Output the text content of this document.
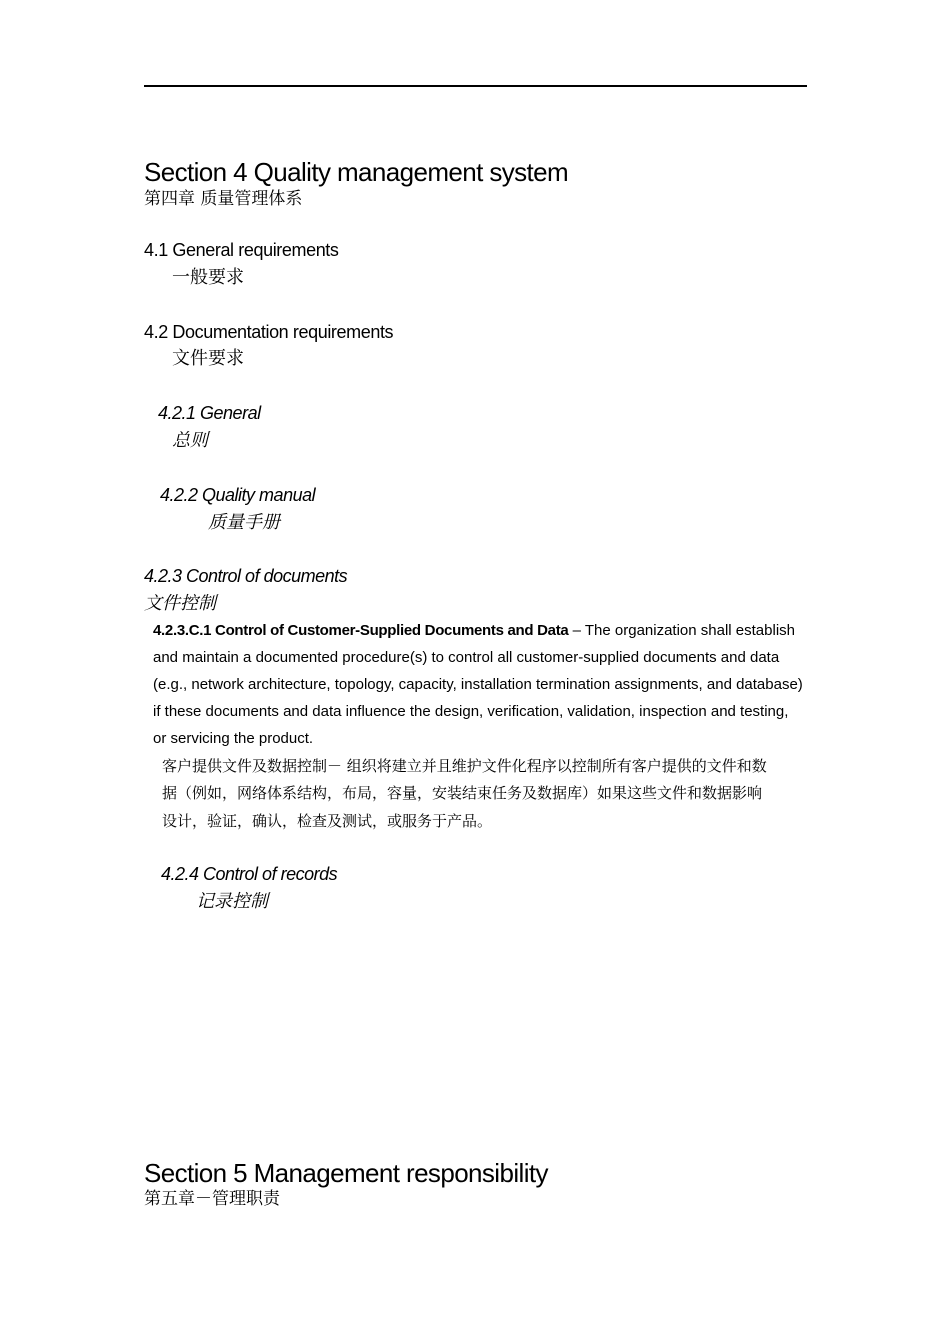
Section 4 Quality management system
第四章 质量管理体系
4.1 General requirements
一般要求
4.2 Documentation requirements
文件要求
4.2.1 General
总则
4.2.2 Quality manual
质量手册
4.2.3 Control of documents
文件控制
4.2.3.C.1 Control of Customer-Supplied Documents and Data – The organization shall establish
and maintain a documented procedure(s) to control all customer-supplied documents and data
(e.g., network architecture, topology, capacity, installation termination assignments, and database)
if these documents and data influence the design, verification, validation, inspection and testing,
or servicing the product.
客户提供文件及数据控制－ 组织将建立并且维护文件化程序以控制所有客户提供的文件和数
据（例如，网络体系结构，布局，容量，安装结束任务及数据库）如果这些文件和数据影响
设计，验证，确认，检查及测试，或服务于产品。
4.2.4 Control of records
记录控制
Section 5 Management responsibility
第五章－管理职责
